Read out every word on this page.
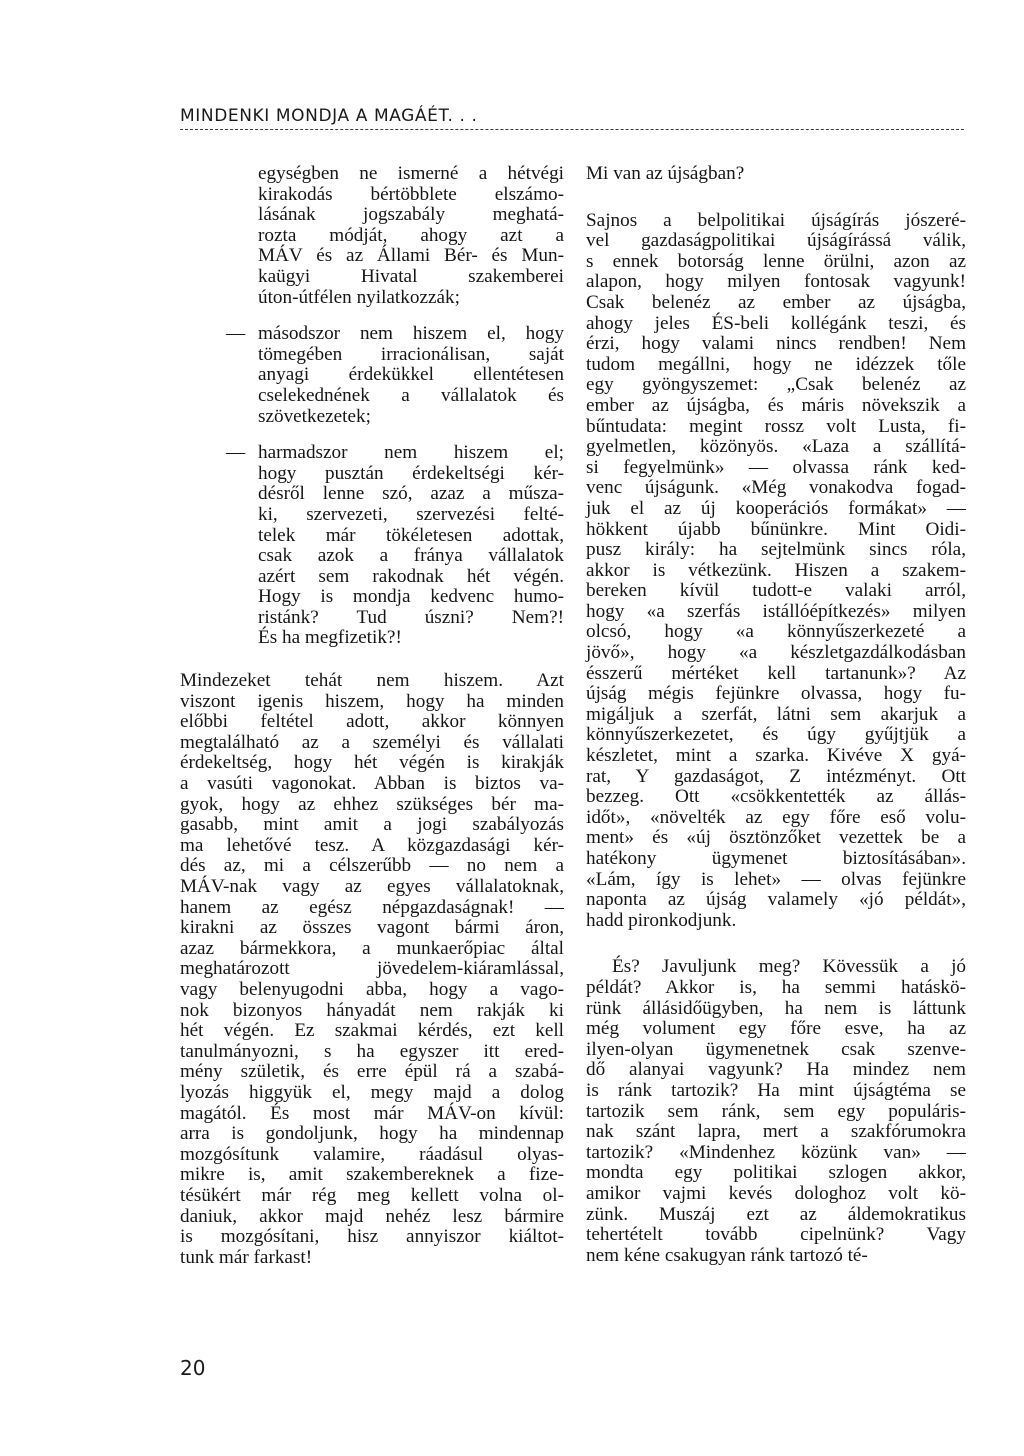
MINDENKI MONDJA A MAGÁÉT. . .
egységben ne ismerné a hétvégi
kirakodás bértöbblete elszámo-
lásának jogszabály meghatá-
rozta módját, ahogy azt a
MÁV és az Állami Bér- és Mun-
kaügyi Hivatal szakemberei
úton-útfélen nyilatkozzák;
— másodszor nem hiszem el, hogy
tömegében irracionálisan, saját
anyagi érdekükkel ellentétesen
cselekednének a vállalatok és
szövetkezetek;
— harmadszor nem hiszem el;
hogy pusztán érdekeltségi kér-
désről lenne szó, azaz a műsza-
ki, szervezeti, szervezési felté-
telek már tökéletesen adottak,
csak azok a fránya vállalatok
azért sem rakodnak hét végén.
Hogy is mondja kedvenc humo-
ristánk? Tud úszni? Nem?!
És ha megfizetik?!
Mindezeket tehát nem hiszem. Azt
viszont igenis hiszem, hogy ha minden
előbbi feltétel adott, akkor könnyen
megtalálható az a személyi és vállalati
érdekeltség, hogy hét végén is kirakják
a vasúti vagonokat. Abban is biztos va-
gyok, hogy az ehhez szükséges bér ma-
gasabb, mint amit a jogi szabályozás
ma lehetővé tesz. A közgazdasági kér-
dés az, mi a célszerűbb — no nem a
MÁV-nak vagy az egyes vállalatoknak,
hanem az egész népgazdaságnak! —
kirakni az összes vagont bármi áron,
azaz bármekkora, a munkaerőpiac által
meghatározott jövedelem-kiáramlással,
vagy belenyugodni abba, hogy a vago-
nok bizonyos hányadát nem rakják ki
hét végén. Ez szakmai kérdés, ezt kell
tanulmányozni, s ha egyszer itt ered-
mény születik, és erre épül rá a szabá-
lyozás higgyük el, megy majd a dolog
magától. És most már MÁV-on kívül:
arra is gondoljunk, hogy ha mindennap
mozgósítunk valamire, ráadásul olyas-
mikre is, amit szakembereknek a fize-
tésükért már rég meg kellett volna ol-
daniuk, akkor majd nehéz lesz bármire
is mozgósítani, hisz annyiszor kiáltot-
tunk már farkast!
Mi van az újságban?
Sajnos a belpolitikai újságírás jószeré-
vel gazdaságpolitikai újságírássá válik,
s ennek botorság lenne örülni, azon az
alapon, hogy milyen fontosak vagyunk!
Csak belenéz az ember az újságba,
ahogy jeles ÉS-beli kollégánk teszi, és
érzi, hogy valami nincs rendben! Nem
tudom megállni, hogy ne idézzek tőle
egy gyöngyszemet: „Csak belenéz az
ember az újságba, és máris növekszik a
bűntudata: megint rossz volt Lusta, fi-
gyelmetlen, közönyös. «Laza a szállítá-
si fegyelmünk» — olvassa ránk ked-
venc újságunk. «Még vonakodva fogad-
juk el az új kooperációs formákat» —
hökkent újabb bűnünkre. Mint Oidi-
pusz király: ha sejtelmünk sincs róla,
akkor is vétkezünk. Hiszen a szakem-
bereken kívül tudott-e valaki arról,
hogy «a szerfás istállóépítkezés» milyen
olcsó, hogy «a könnyűszerkezeté a
jövő», hogy «a készletgazdálkodásban
ésszerű mértéket kell tartanunk»? Az
újság mégis fejünkre olvassa, hogy fu-
migáljuk a szerfát, látni sem akarjuk a
könnyűszerkezetet, és úgy gyűjtjük a
készletet, mint a szarka. Kivéve X gyá-
rat, Y gazdaságot, Z intézményt. Ott
bezzeg. Ott «csökkentették az állás-
időt», «növelték az egy főre eső volu-
ment» és «új ösztönzőket vezettek be a
hatékony ügymenet biztosításában».
«Lám, így is lehet» — olvas fejünkre
naponta az újság valamely «jó példát»,
hadd pironkodjunk.
És? Javuljunk meg? Kövessük a jó
példát? Akkor is, ha semmi hatáskö-
rünk állásidőügyben, ha nem is láttunk
még volument egy főre esve, ha az
ilyen-olyan ügymenetnek csak szenve-
dő alanyai vagyunk? Ha mindez nem
is ránk tartozik? Ha mint újságtéma se
tartozik sem ránk, sem egy populáris-
nak szánt lapra, mert a szakfórumokra
tartozik? «Mindenhez közünk van» —
mondta egy politikai szlogen akkor,
amikor vajmi kevés dologhoz volt kö-
zünk. Muszáj ezt az áldemokratikus
tehertételt tovább cipelnünk? Vagy
nem kéne csakugyan ránk tartozó té-
20
